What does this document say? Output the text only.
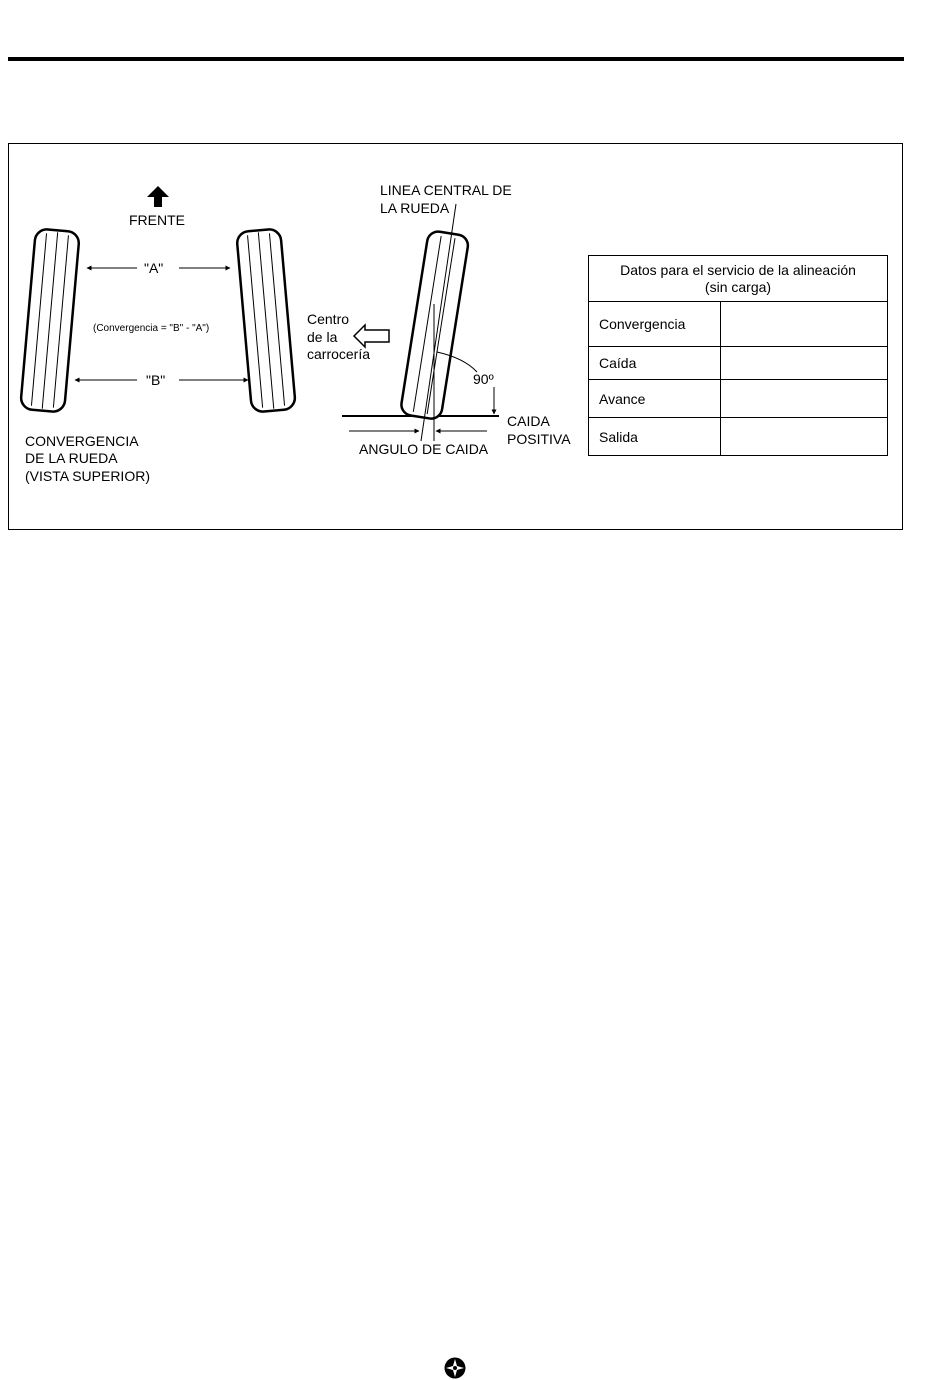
FRENTE
"A"
(Convergencia = "B" - "A")
"B"
CONVERGENCIA
DE LA RUEDA
(VISTA SUPERIOR)
LINEA CENTRAL DE
LA RUEDA
Centro
de la
carrocería
90º
CAIDA
POSITIVA
ANGULO DE CAIDA
Datos para el servicio de la alineación
(sin carga)	
Convergencia	
Caída	
Avance	
Salida	
